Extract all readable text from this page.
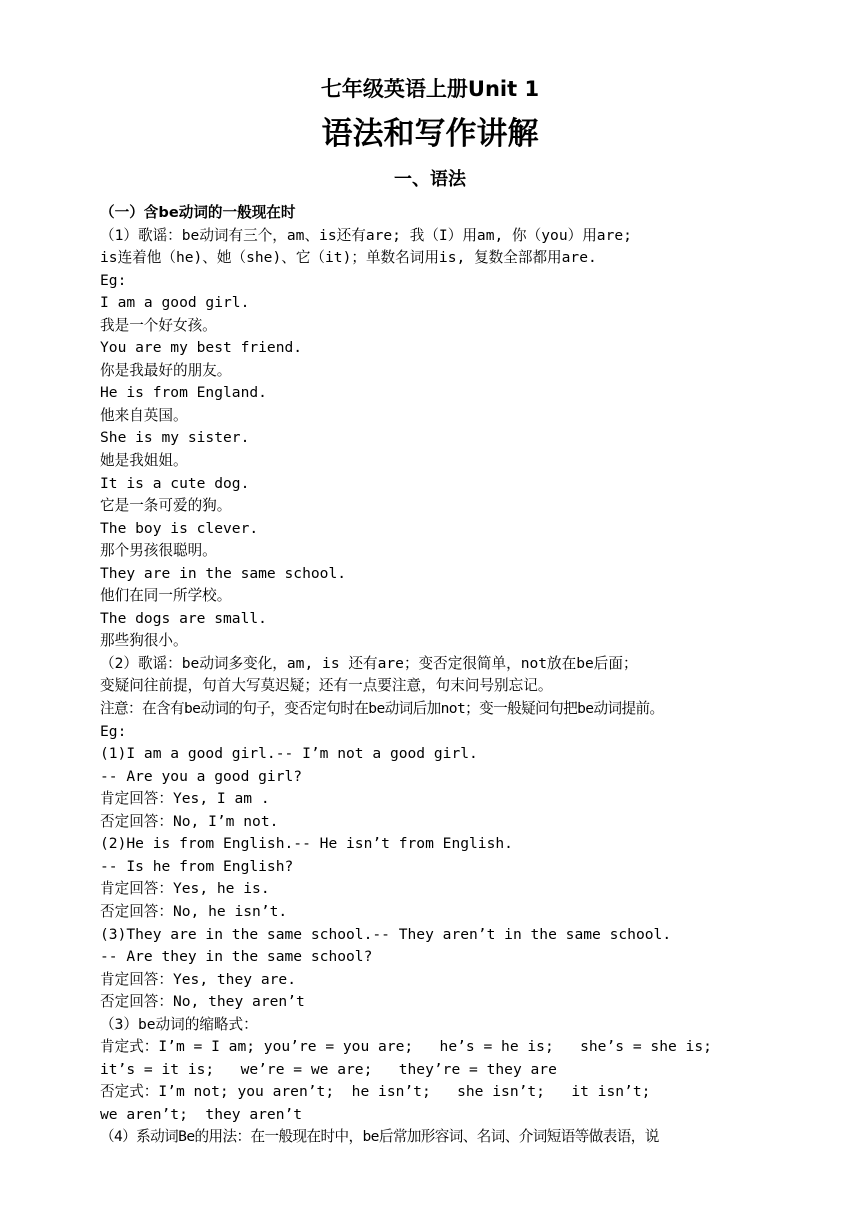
七年级英语上册Unit 1
语法和写作讲解
一、语法
（一）含be动词的一般现在时
（1）歌谣：be动词有三个，am、is还有are; 我（I）用am, 你（you）用are;
is连着他（he)、她（she)、它（it)；单数名词用is, 复数全部都用are.
Eg:
I am a good girl.
我是一个好女孩。
You are my best friend.
你是我最好的朋友。
He is from England.
他来自英国。
She is my sister.
她是我姐姐。
It is a cute dog.
它是一条可爱的狗。
The boy is clever.
那个男孩很聪明。
They are in the same school.
他们在同一所学校。
The dogs are small.
那些狗很小。
（2）歌谣：be动词多变化，am, is 还有are；变否定很简单，not放在be后面；
变疑问往前提，句首大写莫迟疑；还有一点要注意，句末问号别忘记。
注意：在含有be动词的句子，变否定句时在be动词后加not；变一般疑问句把be动词提前。
Eg:
(1)I am a good girl.-- I’m not a good girl.
-- Are you a good girl?
肯定回答：Yes, I am .
否定回答：No, I’m not.
(2)He is from English.-- He isn’t from English.
-- Is he from English?
肯定回答：Yes, he is.
否定回答：No, he isn’t.
(3)They are in the same school.-- They aren’t in the same school.
-- Are they in the same school?
肯定回答：Yes, they are.
否定回答：No, they aren’t
（3）be动词的缩略式：
肯定式：I’m = I am; you’re = you are;   he’s = he is;   she’s = she is;
it’s = it is;   we’re = we are;   they’re = they are
否定式：I’m not; you aren’t;  he isn’t;   she isn’t;   it isn’t;
we aren’t;  they aren’t
（4）系动词Be的用法：在一般现在时中，be后常加形容词、名词、介词短语等做表语，说
